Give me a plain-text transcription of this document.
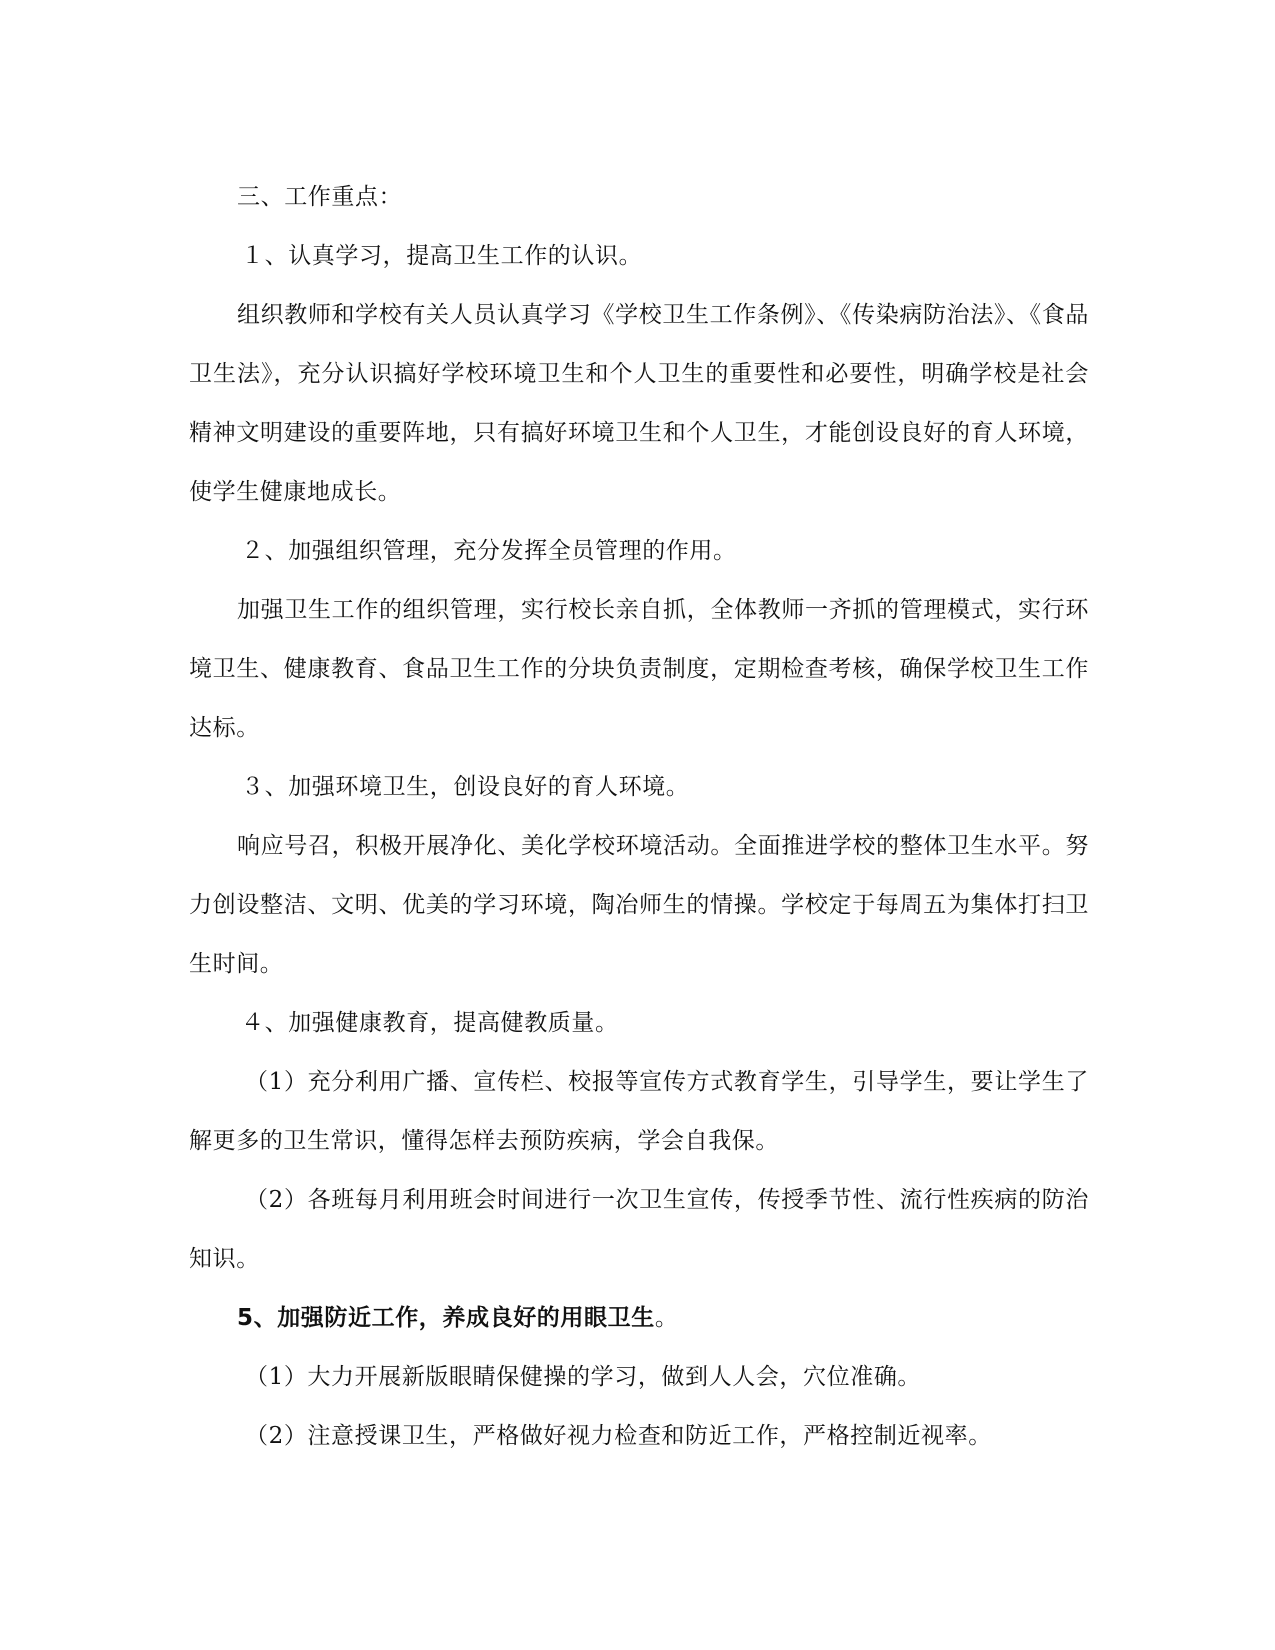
三、工作重点：

１、认真学习，提高卫生工作的认识。

组织教师和学校有关人员认真学习《学校卫生工作条例》、《传染病防治法》、《食品卫生法》，充分认识搞好学校环境卫生和个人卫生的重要性和必要性，明确学校是社会精神文明建设的重要阵地，只有搞好环境卫生和个人卫生，才能创设良好的育人环境，使学生健康地成长。

２、加强组织管理，充分发挥全员管理的作用。

加强卫生工作的组织管理，实行校长亲自抓，全体教师一齐抓的管理模式，实行环境卫生、健康教育、食品卫生工作的分块负责制度，定期检查考核，确保学校卫生工作达标。

３、加强环境卫生，创设良好的育人环境。

响应号召，积极开展净化、美化学校环境活动。全面推进学校的整体卫生水平。努力创设整洁、文明、优美的学习环境，陶冶师生的情操。学校定于每周五为集体打扫卫生时间。

４、加强健康教育，提高健教质量。

（1）充分利用广播、宣传栏、校报等宣传方式教育学生，引导学生，要让学生了解更多的卫生常识，懂得怎样去预防疾病，学会自我保。

（2）各班每月利用班会时间进行一次卫生宣传，传授季节性、流行性疾病的防治知识。

5、加强防近工作，养成良好的用眼卫生。

（1）大力开展新版眼睛保健操的学习，做到人人会，穴位准确。

（2）注意授课卫生，严格做好视力检查和防近工作，严格控制近视率。
